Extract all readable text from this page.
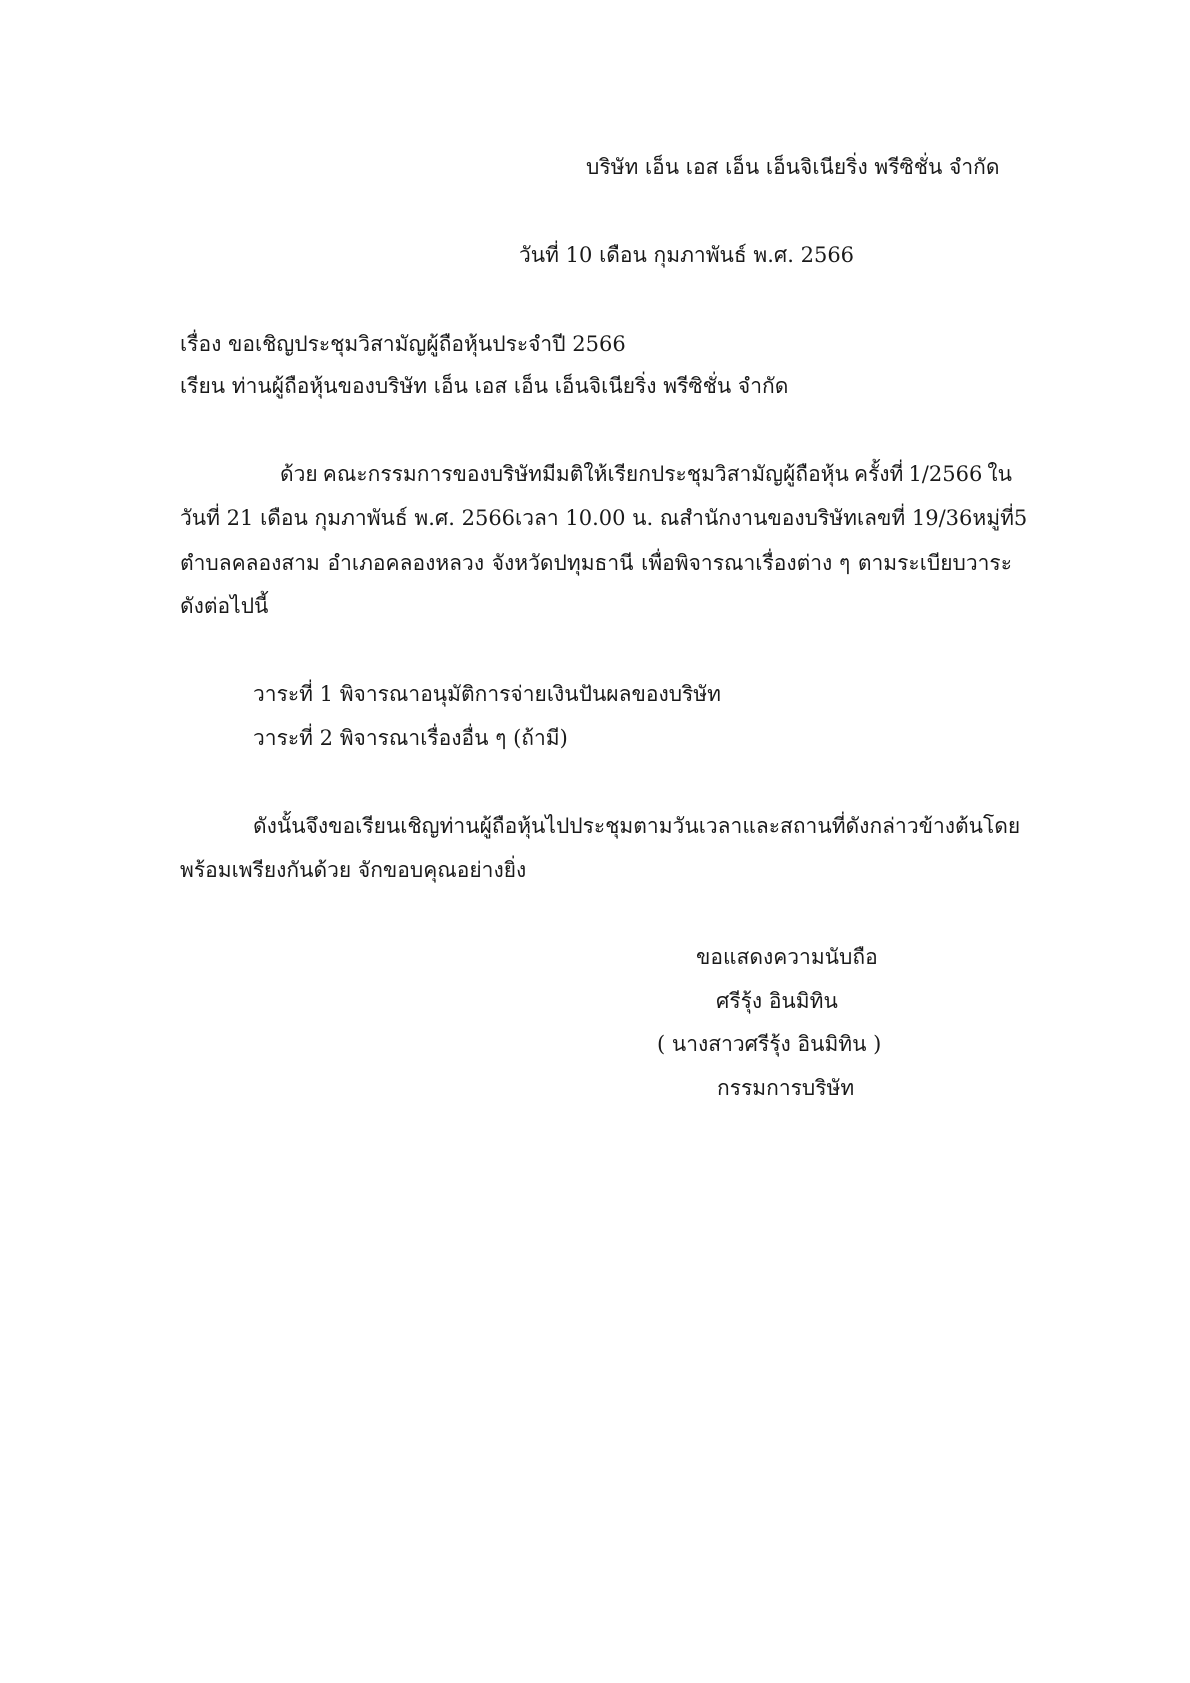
บริษัท เอ็น เอส เอ็น เอ็นจิเนียริ่ง พรีซิชั่น จำกัด
วันที่ 10 เดือน กุมภาพันธ์ พ.ศ. 2566
เรื่อง ขอเชิญประชุมวิสามัญผู้ถือหุ้นประจำปี 2566
เรียน ท่านผู้ถือหุ้นของบริษัท เอ็น เอส เอ็น เอ็นจิเนียริ่ง พรีซิชั่น จำกัด
ด้วย คณะกรรมการของบริษัทมีมติให้เรียกประชุมวิสามัญผู้ถือหุ้น ครั้งที่ 1/2566 ใน
วันที่ 21 เดือน กุมภาพันธ์ พ.ศ. 2566 เวลา 10.00 น. ณ สำนักงานของบริษัท เลขที่ 19/36 หมู่ที่5
ตำบลคลองสาม อำเภอคลองหลวง จังหวัดปทุมธานี เพื่อพิจารณาเรื่องต่าง ๆ ตามระเบียบวาระ
ดังต่อไปนี้
วาระที่ 1 พิจารณาอนุมัติการจ่ายเงินปันผลของบริษัท
วาระที่ 2 พิจารณาเรื่องอื่น ๆ (ถ้ามี)
ดังนั้น จึงขอเรียนเชิญท่านผู้ถือหุ้นไปประชุมตามวัน เวลา และสถานที่ดังกล่าวข้างต้นโดย
พร้อมเพรียงกันด้วย จักขอบคุณอย่างยิ่ง
ขอแสดงความนับถือ
ศรีรุ้ง อินมิทิน
( นางสาวศรีรุ้ง อินมิทิน )
กรรมการบริษัท
